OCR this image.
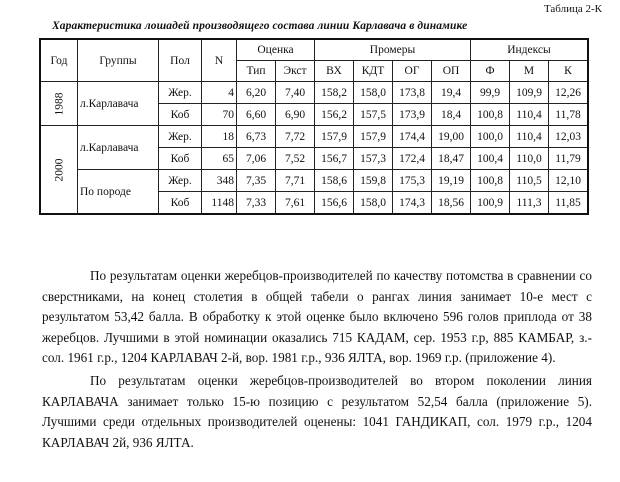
Таблица 2-К
Характеристика лошадей производящего состава линии Карлавача в динамике
Год	Группы	Пол	N	Оценка		Промеры				Индексы		
				Тип	Экст	ВХ	КДТ	ОГ	ОП	Ф	М	К
1988	л.Карлавача	Жер.	4	6,20	7,40	158,2	158,0	173,8	19,4	99,9	109,9	12,26
		Коб	70	6,60	6,90	156,2	157,5	173,9	18,4	100,8	110,4	11,78
2000	л.Карлавача	Жер.	18	6,73	7,72	157,9	157,9	174,4	19,00	100,0	110,4	12,03
		Коб	65	7,06	7,52	156,7	157,3	172,4	18,47	100,4	110,0	11,79
	По породе	Жер.	348	7,35	7,71	158,6	159,8	175,3	19,19	100,8	110,5	12,10
		Коб	1148	7,33	7,61	156,6	158,0	174,3	18,56	100,9	111,3	11,85

По результатам оценки жеребцов-производителей по качеству потомства в сравнении со сверстниками, на конец столетия в общей табели о рангах линия занимает 10-е мест с результатом 53,42 балла. В обработку к этой оценке было включено 596 голов приплода от 38 жеребцов. Лучшими в этой номинации оказались 715 КАДАМ, сер. 1953 г.р, 885 КАМБАР, з.-сол. 1961 г.р., 1204 КАРЛАВАЧ 2-й, вор. 1981 г.р., 936 ЯЛТА, вор. 1969 г.р. (приложение 4).

По результатам оценки жеребцов-производителей во втором поколении линия КАРЛАВАЧА занимает только 15-ю позицию с результатом 52,54 балла (приложение 5). Лучшими среди отдельных производителей оценены: 1041 ГАНДИКАП, сол. 1979 г.р., 1204 КАРЛАВАЧ 2й, 936 ЯЛТА.
